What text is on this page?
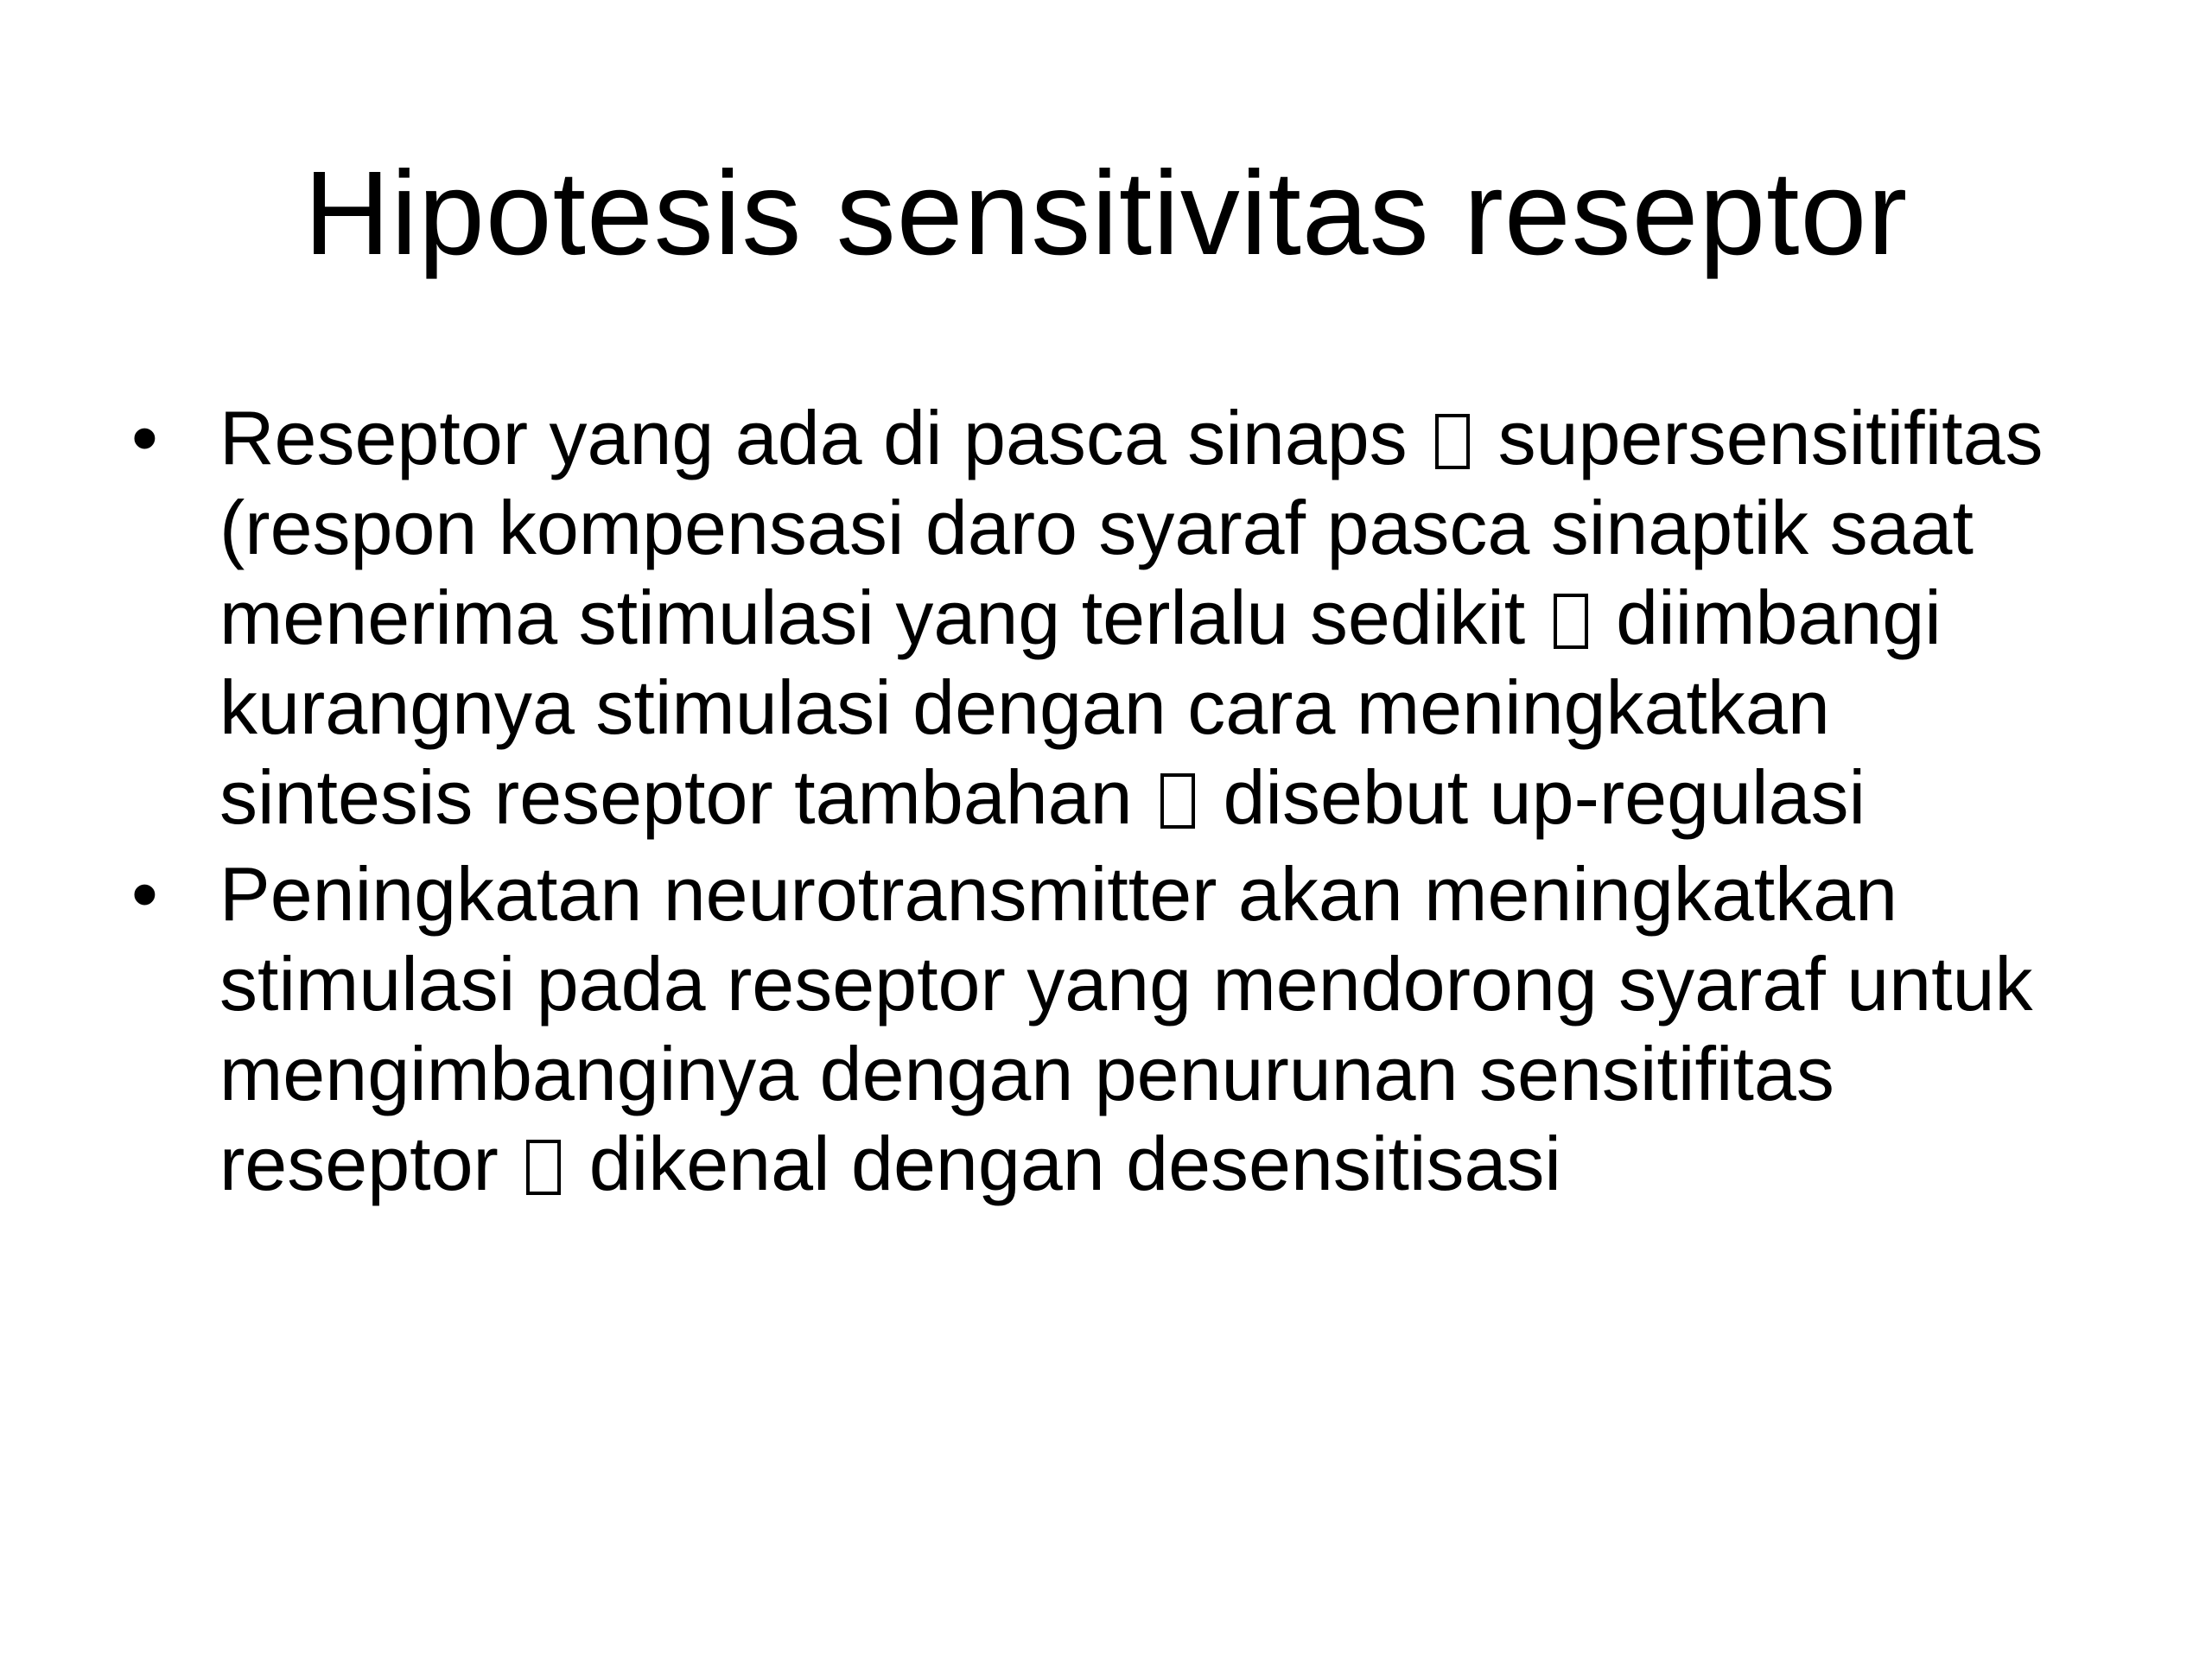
Hipotesis sensitivitas reseptor
• Reseptor yang ada di pasca sinaps supersensitifitas (respon kompensasi daro syaraf pasca sinaptik saat menerima stimulasi yang terlalu sedikit diimbangi kurangnya stimulasi dengan cara meningkatkan sintesis reseptor tambahan disebut up-regulasi
• Peningkatan neurotransmitter akan meningkatkan stimulasi pada reseptor yang mendorong syaraf untuk mengimbanginya dengan penurunan sensitifitas reseptor dikenal dengan desensitisasi
